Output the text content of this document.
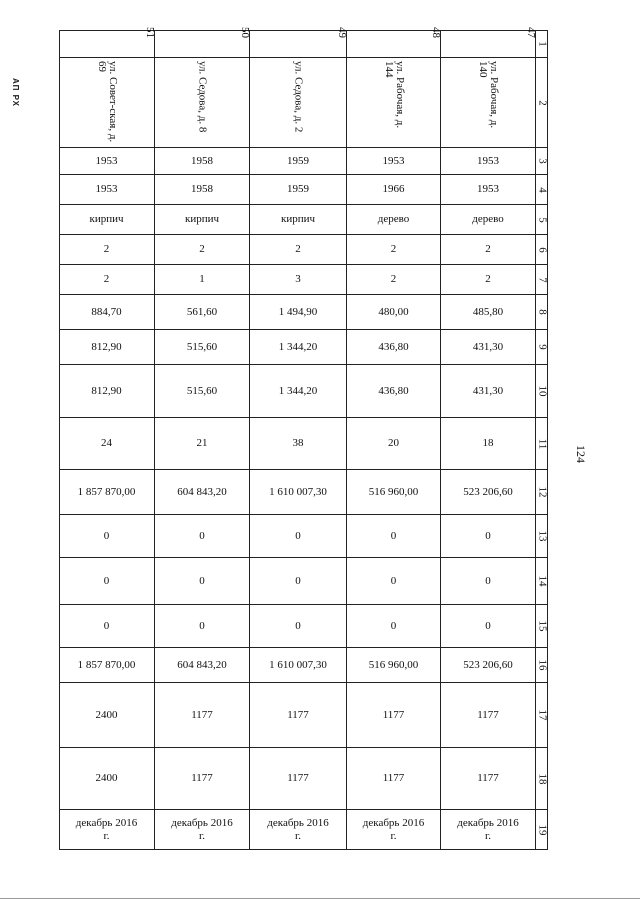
АП РХ
124
1
2
3
4
5
6
7
8
9
10
11
12
13
14
15
16
17
18
19
51
ул. Совет-ская, д. 69
1953
1953
кирпич
2
2
884,70
812,90
812,90
24
1 857 870,00
0
0
0
1 857 870,00
2400
2400
декабрь 2016 г.
50
ул. Седова, д. 8
1958
1958
кирпич
2
1
561,60
515,60
515,60
21
604 843,20
0
0
0
604 843,20
1177
1177
декабрь 2016 г.
49
ул. Седова, д. 2
1959
1959
кирпич
2
3
1 494,90
1 344,20
1 344,20
38
1 610 007,30
0
0
0
1 610 007,30
1177
1177
декабрь 2016 г.
48
ул. Рабочая, д. 144
1953
1966
дерево
2
2
480,00
436,80
436,80
20
516 960,00
0
0
0
516 960,00
1177
1177
декабрь 2016 г.
47
ул. Рабочая, д. 140
1953
1953
дерево
2
2
485,80
431,30
431,30
18
523 206,60
0
0
0
523 206,60
1177
1177
декабрь 2016 г.
